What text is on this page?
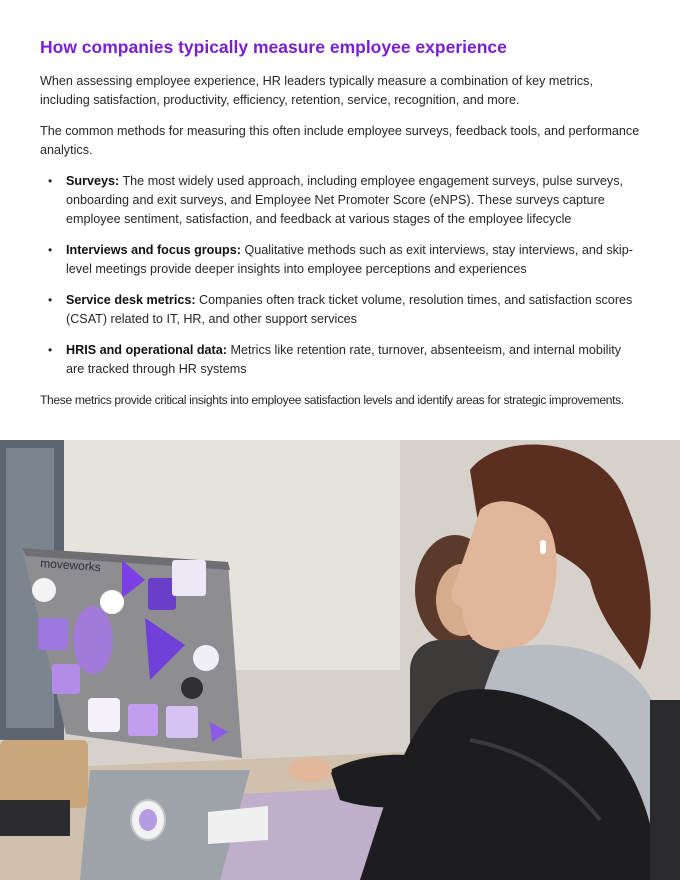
How companies typically measure employee experience

When assessing employee experience, HR leaders typically measure a combination of key metrics, including satisfaction, productivity, efficiency, retention, service, recognition, and more.

The common methods for measuring this often include employee surveys, feedback tools, and performance analytics.

• Surveys: The most widely used approach, including employee engagement surveys, pulse surveys, onboarding and exit surveys, and Employee Net Promoter Score (eNPS). These surveys capture employee sentiment, satisfaction, and feedback at various stages of the employee lifecycle
• Interviews and focus groups: Qualitative methods such as exit interviews, stay interviews, and skip-level meetings provide deeper insights into employee perceptions and experiences
• Service desk metrics: Companies often track ticket volume, resolution times, and satisfaction scores (CSAT) related to IT, HR, and other support services
• HRIS and operational data: Metrics like retention rate, turnover, absenteeism, and internal mobility are tracked through HR systems

These metrics provide critical insights into employee satisfaction levels and identify areas for strategic improvements.

moveworks
